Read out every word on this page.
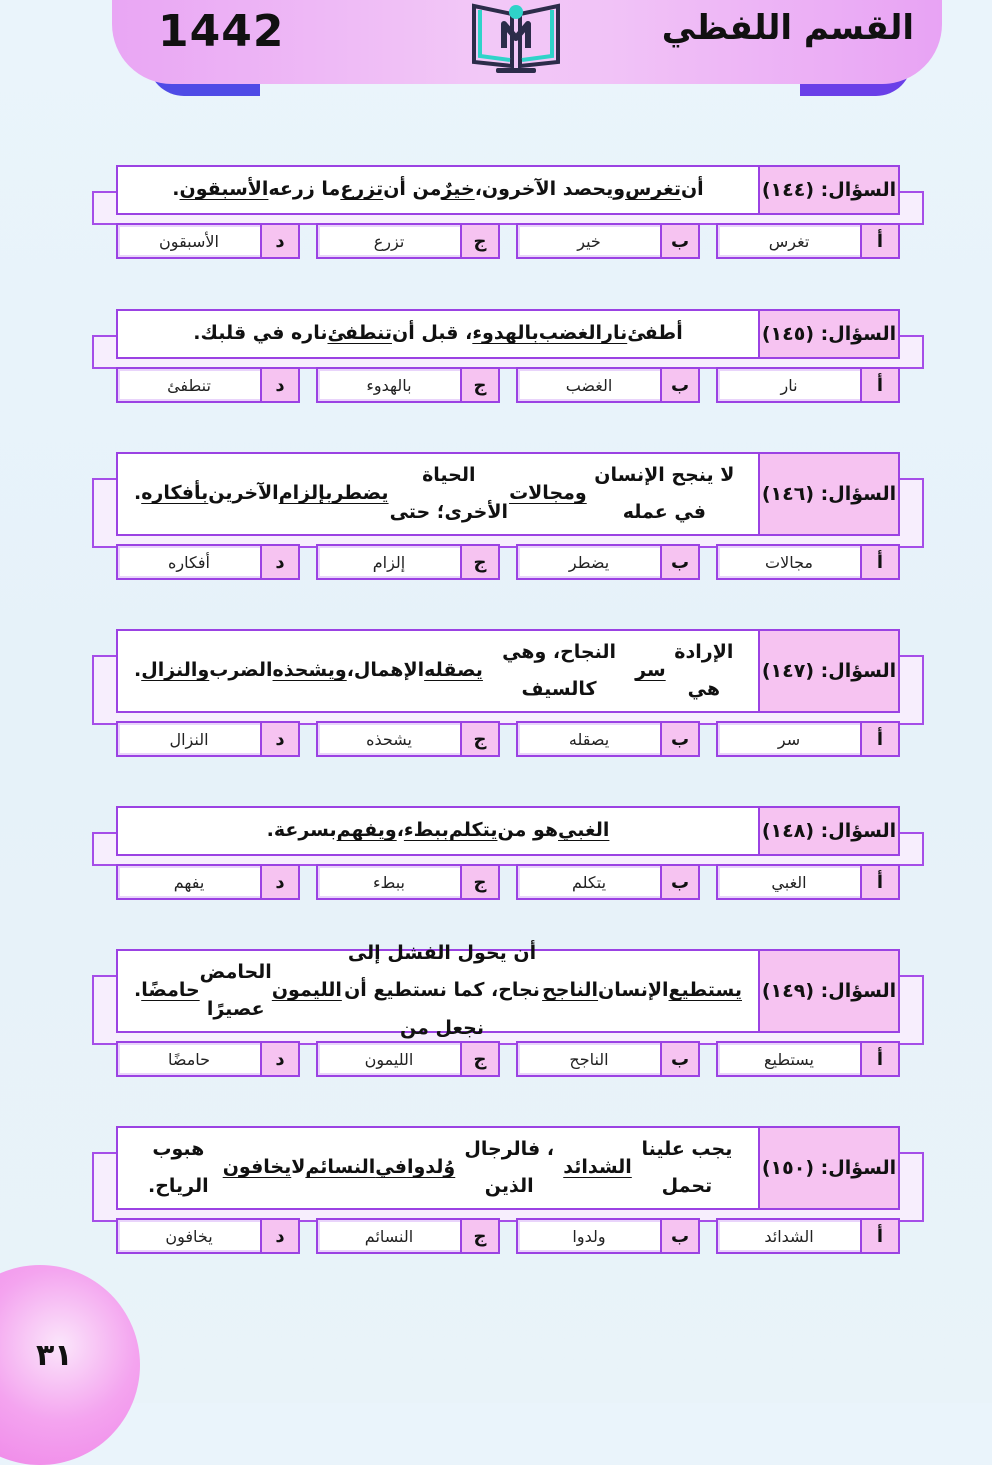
1442	القسم اللفظي
٣١
السؤال: (١٤٤)
أن
تغرس
ويحصد الآخرون،
خيرٌ
من أن
تزرع
ما زرعه
الأسبقون
.
أ
تغرس
ب
خير
ج
تزرع
د
الأسبقون
السؤال: (١٤٥)
أطفئ
نار
الغضب
بالهدوء
، قبل أن
تنطفئ
ناره في قلبك.
أ
نار
ب
الغضب
ج
بالهدوء
د
تنطفئ
السؤال: (١٤٦)
لا ينجح الإنسان في عمله
ومجالات
الحياة الأخرى؛ حتى
يضطر
بإلزام
الآخرين
بأفكاره
.
أ
مجالات
ب
يضطر
ج
إلزام
د
أفكاره
السؤال: (١٤٧)
الإرادة هي
سر
النجاح، وهي كالسيف
يصقله
الإهمال،
ويشحذه
الضرب
والنزال
.
أ
سر
ب
يصقله
ج
يشحذه
د
النزال
السؤال: (١٤٨)
الغبي
هو من
يتكلم
ببطء
،
ويفهم
بسرعة.
أ
الغبي
ب
يتكلم
ج
ببطء
د
يفهم
السؤال: (١٤٩)
يستطيع
الإنسان
الناجح
أن يحول الفشل إلى نجاح، كما نستطيع أن نجعل من
الليمون
الحامض عصيرًا
حامضًا
.
أ
يستطيع
ب
الناجح
ج
الليمون
د
حامضًا
السؤال: (١٥٠)
يجب علينا تحمل
الشدائد
، فالرجال الذين
وُلدوا
في
النسائم
لا
يخافون
هبوب الرياح.
أ
الشدائد
ب
ولدوا
ج
النسائم
د
يخافون
